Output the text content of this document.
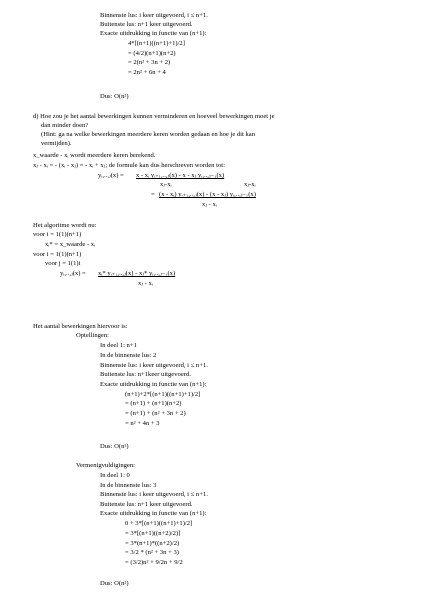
Binnenste lus: i keer uitgevoerd, i ≤ n+1.
Buitenste lus: n+1 keer uitgevoerd.
Exacte uitdrukking in functie van (n+1):
4*[(n+1)((n+1)+1)/2]
= (4/2)(n+1)(n+2)
= 2(n² + 3n + 2)
= 2n² + 6n + 4
Dus: O(n²)
d) Hoe zou je het aantal bewerkingen kunnen verminderen en hoeveel bewerkingen moet je
dan minder doen?
(Hint: ga na welke bewerkingen meerdere keren worden gedaan en hoe je dit kan
vermijden).
x_waarde - xᵢ wordt meerdere keren berekend.
xⱼ - xᵢ = - (xᵢ - xⱼ) = - xᵢ + xⱼ; de formule kan dus herschreven worden tot:
yᵢ,..,ⱼ(x) = x - xᵢ yᵢ₊₁,..,ⱼ(x) - x - xⱼ yᵢ,..,ⱼ₋₁(x)
xⱼ-xᵢ	xⱼ-xᵢ
= (x - xᵢ) yᵢ₊₁,..,ⱼ(x) - (x - xⱼ) yᵢ,..,ⱼ₋₁(x)
xⱼ - xᵢ
Het algoritme wordt nu:
voor i = 1(1)(n+1)
xᵢ* = x_waarde - xᵢ
voor i = 1(1)(n+1)
voor j = 1(1)i
yᵢ,..,ⱼ(x) = xᵢ* yᵢ₊₁,..,ⱼ(x) - xⱼ* yᵢ,..,ⱼ₋₁(x)
xⱼ - xᵢ
Het aantal bewerkingen hiervoor is:
Optellingen:
In deel 1: n+1
In de binnenste lus: 2
Binnenste lus: i keer uitgevoerd, i ≤ n+1.
Buitenste lus: n+1keer uitgevoerd.
Exacte uitdrukking in functie van (n+1):
(n+1)+2*[(n+1)((n+1)+1)/2]
= (n+1) + (n+1)(n+2)
= (n+1) + (n² + 3n + 2)
= n² + 4n + 3
Dus: O(n²)
Vermenigvuldigingen:
In deel 1: 0
In de binnenste lus: 3
Binnenste lus: i keer uitgevoerd, i ≤ n+1.
Buitenste lus: n+1 keer uitgevoerd.
Exacte uitdrukking in functie van (n+1):
0 + 3*[(n+1)((n+1)+1)/2]
= 3*[(n+1)((n+2)/2)]
= 3*(n+1)*((n+2)/2)
= 3/2 * (n² + 3n + 3)
= (3/2)n² + 9/2n + 9/2
Dus: O(n²)
